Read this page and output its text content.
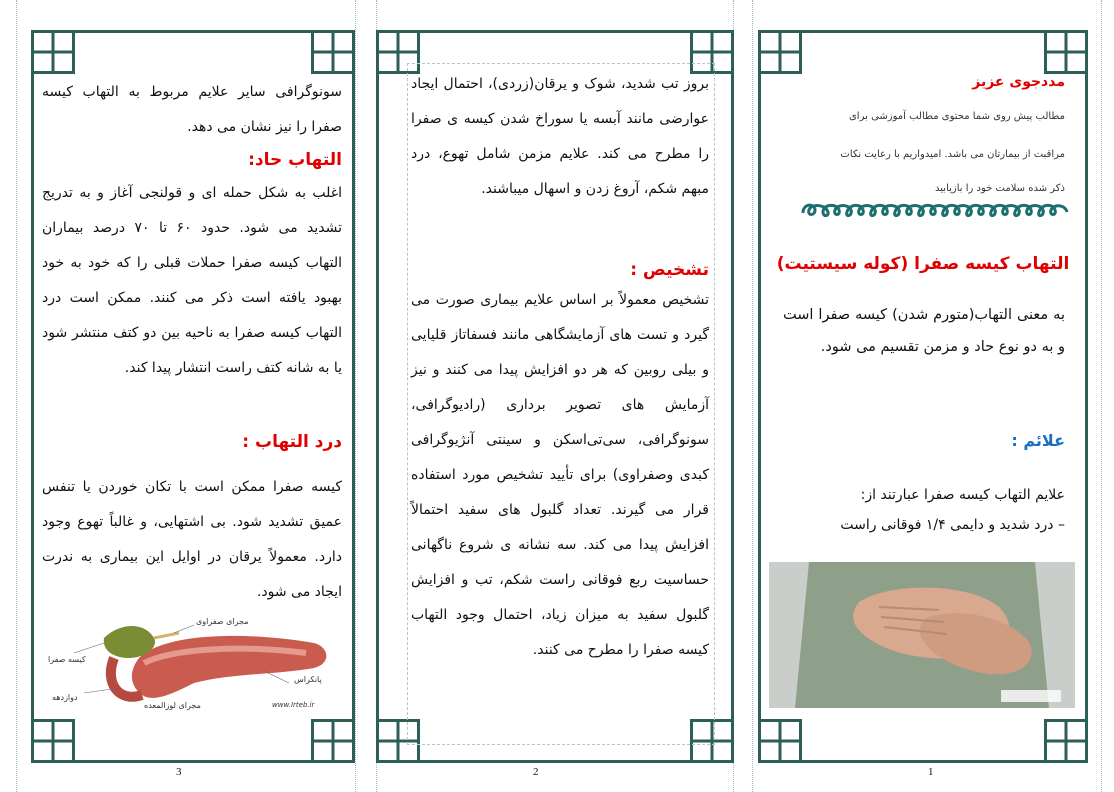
سونوگرافی سایر علایم مربوط به التهاب کیسه صفرا را نیز نشان می دهد.
التهاب حاد:
اغلب به شکل حمله ای و قولنجی آغاز و به تدریج تشدید می شود. حدود ۶۰ تا ۷۰ درصد بیماران التهاب کیسه صفرا حملات قبلی را که خود به خود بهبود یافته است ذکر می کنند. ممکن است درد التهاب کیسه صفرا به ناحیه بین دو کتف منتشر شود یا به شانه کتف راست انتشار پیدا کند.
درد التهاب :
کیسه صفرا ممکن است با تکان خوردن یا تنفس عمیق تشدید شود. بی اشتهایی، و غالباً تهوع وجود دارد. معمولاً یرقان در اوایل این بیماری به ندرت ایجاد می شود.
کیسه صفرا
مجرای صفراوی
دوازدهه
پانکراس
مجرای لوزالمعده	www.Irteb.ir
3
بروز تب شدید، شوک و یرقان(زردی)، احتمال ایجاد عوارضی مانند آبسه یا سوراخ شدن کیسه ی صفرا را مطرح می کند. علایم مزمن شامل تهوع، درد مبهم شکم، آروغ زدن و اسهال میباشند.
تشخیص :
تشخیص معمولاً بر اساس علایم بیماری صورت می گیرد و تست های آزمایشگاهی مانند فسفاتاز قلیایی و بیلی روبین که هر دو افزایش پیدا می کنند و نیز آزمایش های تصویر برداری (رادیوگرافی، سونوگرافی، سی‌تی‌اسکن و سینتی آنژیوگرافی کبدی وصفراوی) برای تأیید تشخیص مورد استفاده قرار می گیرند. تعداد گلبول های سفید احتمالاً افزایش پیدا می کند. سه نشانه ی شروع ناگهانی حساسیت ربع فوقانی راست شکم، تب و افزایش گلبول سفید به میزان زیاد، احتمال وجود التهاب کیسه صفرا را مطرح می کنند.
2
مددجوی عزیز
مطالب پیش روی شما محتوی مطالب آموزشی برای
مراقبت از بیمارتان می باشد. امیدواریم با رعایت نکات
ذکر شده سلامت خود را بازیابید
التهاب کیسه صفرا (کوله سیستیت)
به معنی التهاب(متورم شدن) کیسه صفرا است و به دو نوع حاد و مزمن تقسیم می شود.
علائم :
علایم التهاب کیسه صفرا عبارتند از:
– درد شدید و دایمی ۱/۴ فوقانی راست
1
